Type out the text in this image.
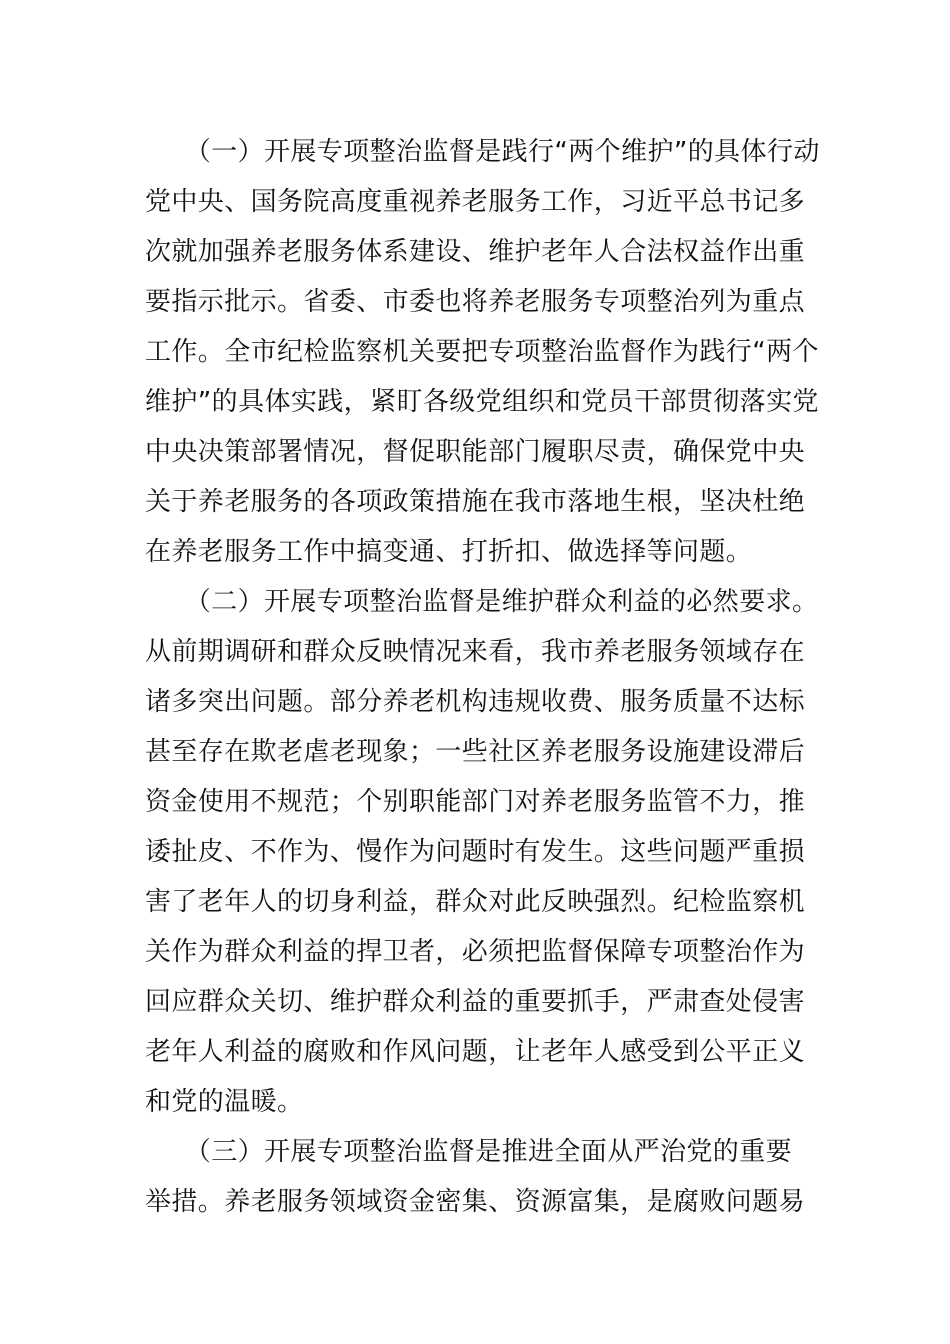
　　（一）开展专项整治监督是践行“两个维护”的具体行动
党中央、国务院高度重视养老服务工作，习近平总书记多
次就加强养老服务体系建设、维护老年人合法权益作出重
要指示批示。省委、市委也将养老服务专项整治列为重点
工作。全市纪检监察机关要把专项整治监督作为践行“两个
维护”的具体实践，紧盯各级党组织和党员干部贯彻落实党
中央决策部署情况，督促职能部门履职尽责，确保党中央
关于养老服务的各项政策措施在我市落地生根，坚决杜绝
在养老服务工作中搞变通、打折扣、做选择等问题。
　　（二）开展专项整治监督是维护群众利益的必然要求。
从前期调研和群众反映情况来看，我市养老服务领域存在
诸多突出问题。部分养老机构违规收费、服务质量不达标
甚至存在欺老虐老现象；一些社区养老服务设施建设滞后
资金使用不规范；个别职能部门对养老服务监管不力，推
诿扯皮、不作为、慢作为问题时有发生。这些问题严重损
害了老年人的切身利益，群众对此反映强烈。纪检监察机
关作为群众利益的捍卫者，必须把监督保障专项整治作为
回应群众关切、维护群众利益的重要抓手，严肃查处侵害
老年人利益的腐败和作风问题，让老年人感受到公平正义
和党的温暖。
　　（三）开展专项整治监督是推进全面从严治党的重要
举措。养老服务领域资金密集、资源富集，是腐败问题易
